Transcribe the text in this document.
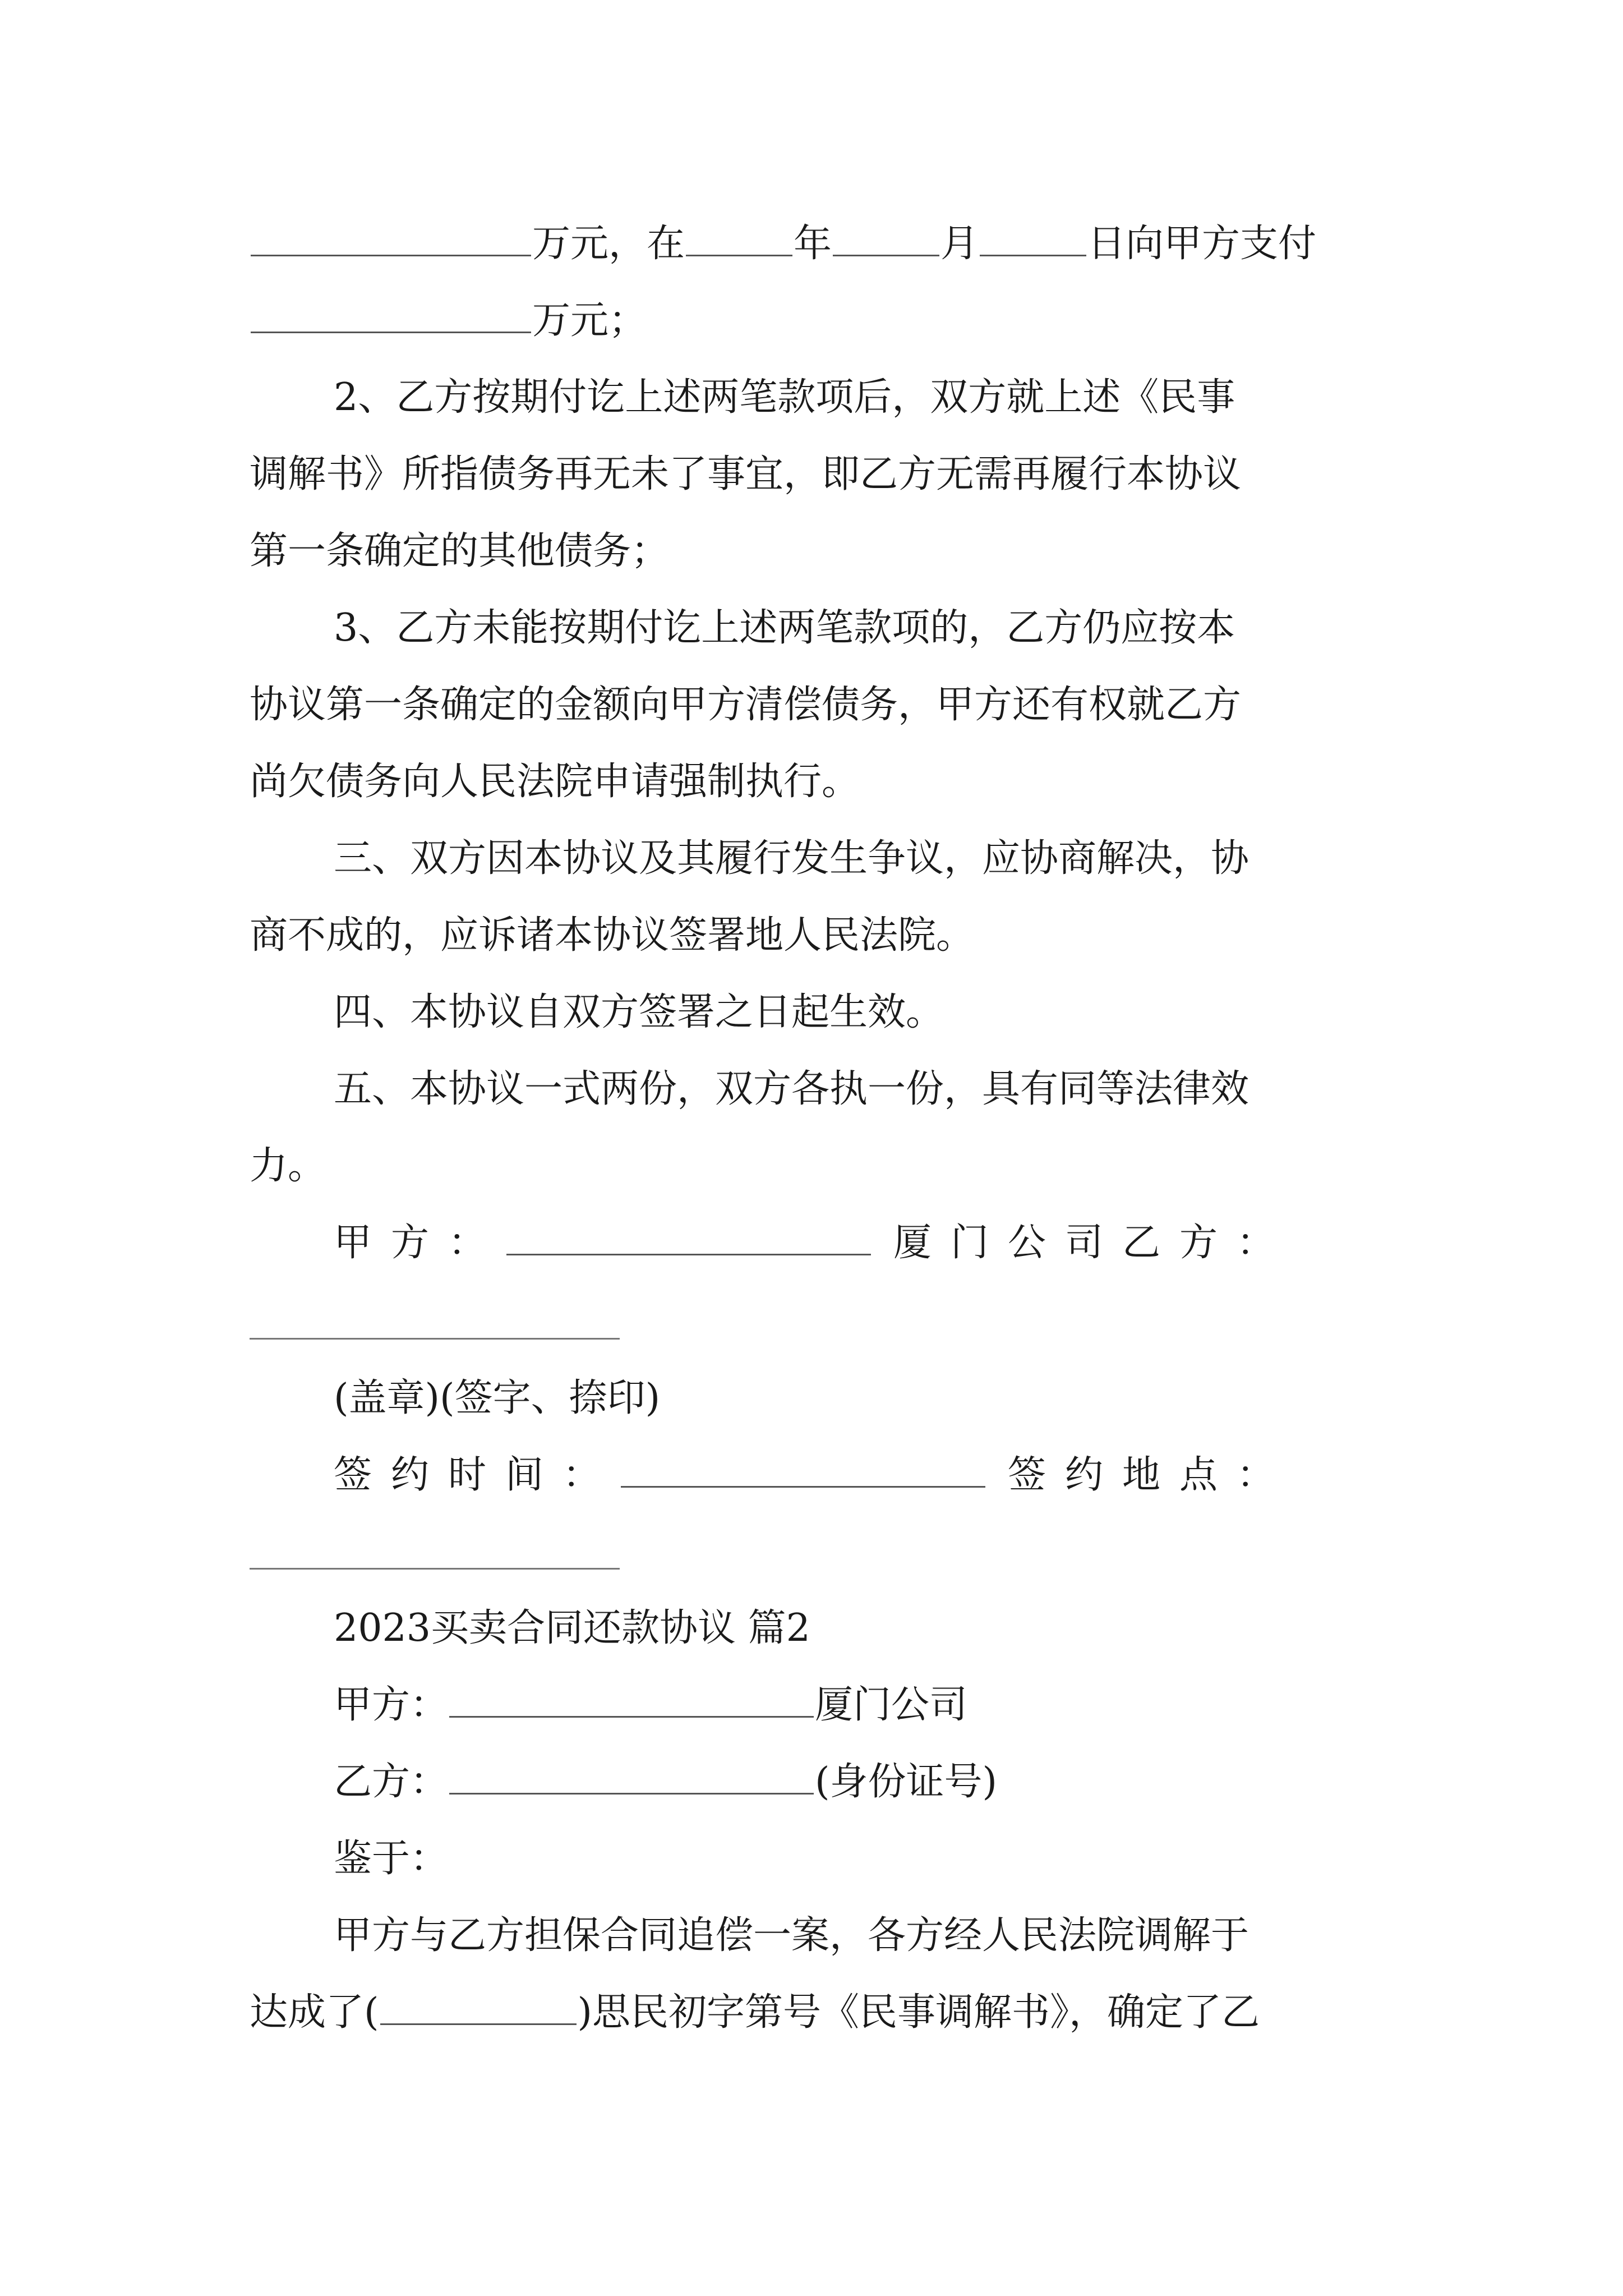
万元，在	年	月	日向甲方支付
万元；
2、乙方按期付讫上述两笔款项后，双方就上述《民事
调解书》所指债务再无未了事宜，即乙方无需再履行本协议
第一条确定的其他债务；
3、乙方未能按期付讫上述两笔款项的，乙方仍应按本
协议第一条确定的金额向甲方清偿债务，甲方还有权就乙方
尚欠债务向人民法院申请强制执行。
三、双方因本协议及其履行发生争议，应协商解决，协
商不成的，应诉诸本协议签署地人民法院。
四、本协议自双方签署之日起生效。
五、本协议一式两份，双方各执一份，具有同等法律效
力。
甲方：	厦门公司乙方：
(盖章)(签字、捺印)
签约时间：	签约地点：
2023买卖合同还款协议 篇2
甲方：	厦门公司
乙方：	(身份证号)
鉴于：
甲方与乙方担保合同追偿一案，各方经人民法院调解于
达成了(	)思民初字第号《民事调解书》，确定了乙
